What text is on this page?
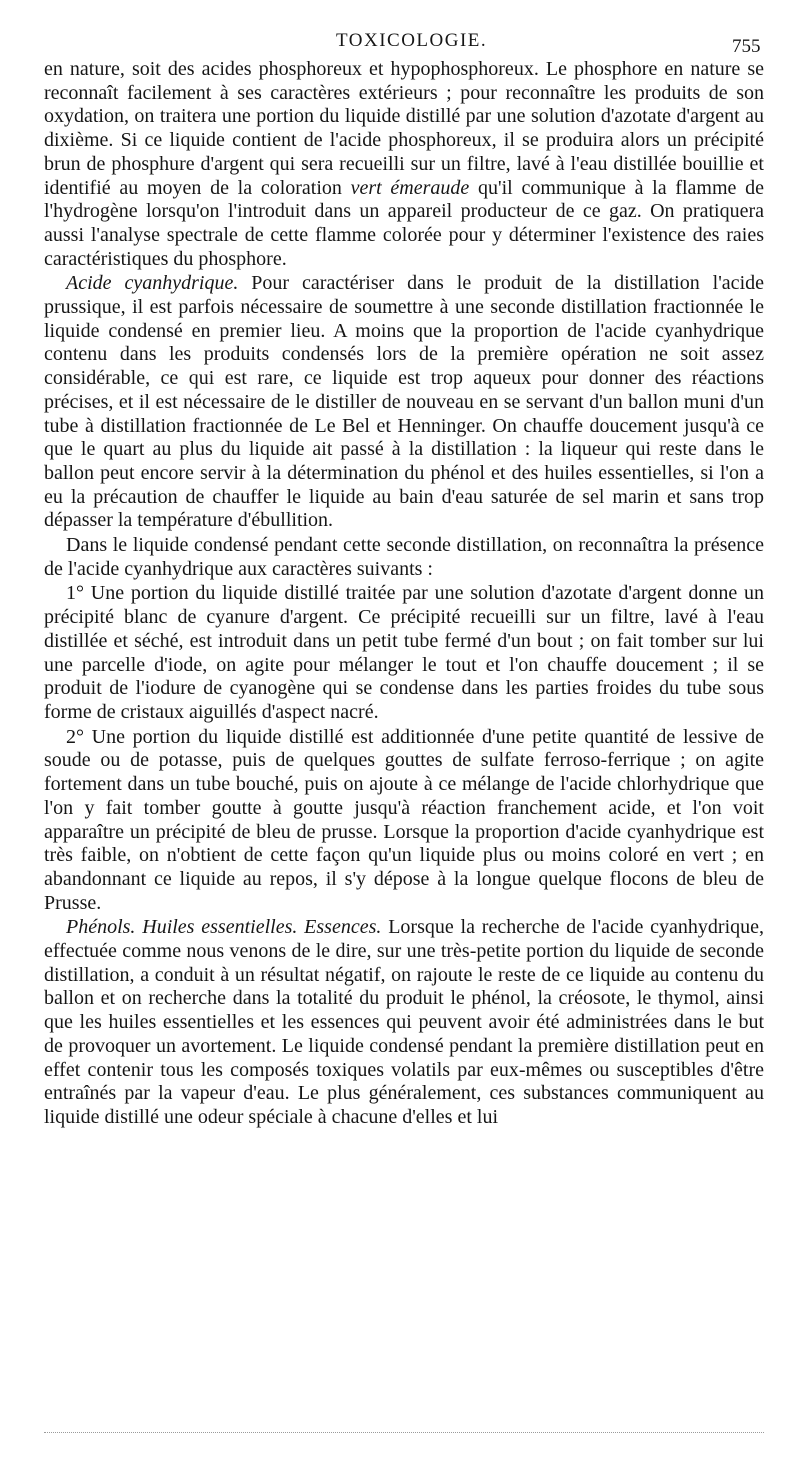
TOXICOLOGIE.	755

en nature, soit des acides phosphoreux et hypophosphoreux. Le phosphore en nature se reconnaît facilement à ses caractères extérieurs ; pour reconnaître les produits de son oxydation, on traitera une portion du liquide distillé par une solution d'azotate d'argent au dixième. Si ce liquide contient de l'acide phosphoreux, il se produira alors un précipité brun de phosphure d'argent qui sera recueilli sur un filtre, lavé à l'eau distillée bouillie et identifié au moyen de la coloration vert émeraude qu'il communique à la flamme de l'hydrogène lorsqu'on l'introduit dans un appareil producteur de ce gaz. On pratiquera aussi l'analyse spectrale de cette flamme colorée pour y déterminer l'existence des raies caractéristiques du phosphore.

Acide cyanhydrique. Pour caractériser dans le produit de la distillation l'acide prussique, il est parfois nécessaire de soumettre à une seconde distillation fractionnée le liquide condensé en premier lieu. A moins que la proportion de l'acide cyanhydrique contenu dans les produits condensés lors de la première opération ne soit assez considérable, ce qui est rare, ce liquide est trop aqueux pour donner des réactions précises, et il est nécessaire de le distiller de nouveau en se servant d'un ballon muni d'un tube à distillation fractionnée de Le Bel et Henninger. On chauffe doucement jusqu'à ce que le quart au plus du liquide ait passé à la distillation : la liqueur qui reste dans le ballon peut encore servir à la détermination du phénol et des huiles essentielles, si l'on a eu la précaution de chauffer le liquide au bain d'eau saturée de sel marin et sans trop dépasser la température d'ébullition.

Dans le liquide condensé pendant cette seconde distillation, on reconnaîtra la présence de l'acide cyanhydrique aux caractères suivants :

1° Une portion du liquide distillé traitée par une solution d'azotate d'argent donne un précipité blanc de cyanure d'argent. Ce précipité recueilli sur un filtre, lavé à l'eau distillée et séché, est introduit dans un petit tube fermé d'un bout ; on fait tomber sur lui une parcelle d'iode, on agite pour mélanger le tout et l'on chauffe doucement ; il se produit de l'iodure de cyanogène qui se condense dans les parties froides du tube sous forme de cristaux aiguillés d'aspect nacré.

2° Une portion du liquide distillé est additionnée d'une petite quantité de lessive de soude ou de potasse, puis de quelques gouttes de sulfate ferroso-ferrique ; on agite fortement dans un tube bouché, puis on ajoute à ce mélange de l'acide chlorhydrique que l'on y fait tomber goutte à goutte jusqu'à réaction franchement acide, et l'on voit apparaître un précipité de bleu de prusse. Lorsque la proportion d'acide cyanhydrique est très faible, on n'obtient de cette façon qu'un liquide plus ou moins coloré en vert ; en abandonnant ce liquide au repos, il s'y dépose à la longue quelque flocons de bleu de Prusse.

Phénols. Huiles essentielles. Essences. Lorsque la recherche de l'acide cyanhydrique, effectuée comme nous venons de le dire, sur une très-petite portion du liquide de seconde distillation, a conduit à un résultat négatif, on rajoute le reste de ce liquide au contenu du ballon et on recherche dans la totalité du produit le phénol, la créosote, le thymol, ainsi que les huiles essentielles et les essences qui peuvent avoir été administrées dans le but de provoquer un avortement. Le liquide condensé pendant la première distillation peut en effet contenir tous les composés toxiques volatils par eux-mêmes ou susceptibles d'être entraînés par la vapeur d'eau. Le plus généralement, ces substances communiquent au liquide distillé une odeur spéciale à chacune d'elles et lui
